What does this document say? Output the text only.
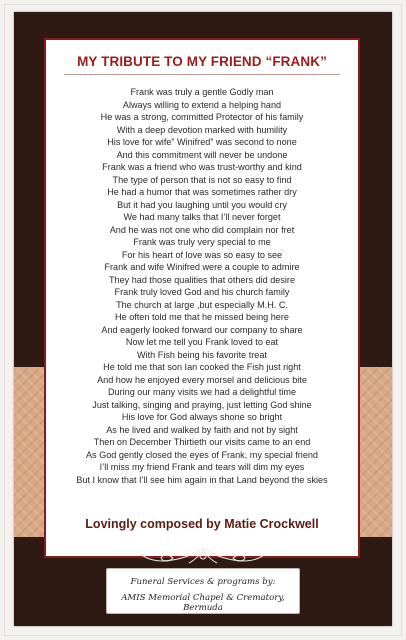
MY TRIBUTE TO MY FRIEND “FRANK”
Frank was truly a gentle Godly man
Always willing to extend a helping hand
He was a strong, committed Protector of his family
With a deep devotion marked with humility
His love for wife” Winifred” was second to none
And this commitment will never be undone
Frank was a friend who was trust-worthy and kind
The type of person that is not so easy to find
He had a humor that was sometimes rather dry
But it had you laughing until you would cry
We had many talks that I’ll never forget
And he was not one who did complain nor fret
Frank was truly very special to me
For his heart of love was so easy to see
Frank and wife Winifred were a couple to admire
They had those qualities that others did desire
Frank truly loved God and his church family
The church at large ,but especially M.H. C.
He often told me that he missed being here
And eagerly looked forward our company to share
Now let me tell you Frank loved to eat
With Fish being his favorite treat
He told me that son Ian cooked the Fish just right
And how he enjoyed every morsel and delicious bite
During our many visits we had a delightful time
Just talking, singing and praying, just letting God shine
His love for God always shone so bright
As he lived and walked by faith and not by sight
Then on December Thirtieth our visits came to an end
As God gently closed the eyes of Frank, my special friend
I’ll miss my friend Frank and tears will dim my eyes
But I know that I’ll see him again in that Land beyond the skies
Lovingly composed by Matie Crockwell
Funeral Services & programs by:
AMIS Memorial Chapel & Crematory, Bermuda
